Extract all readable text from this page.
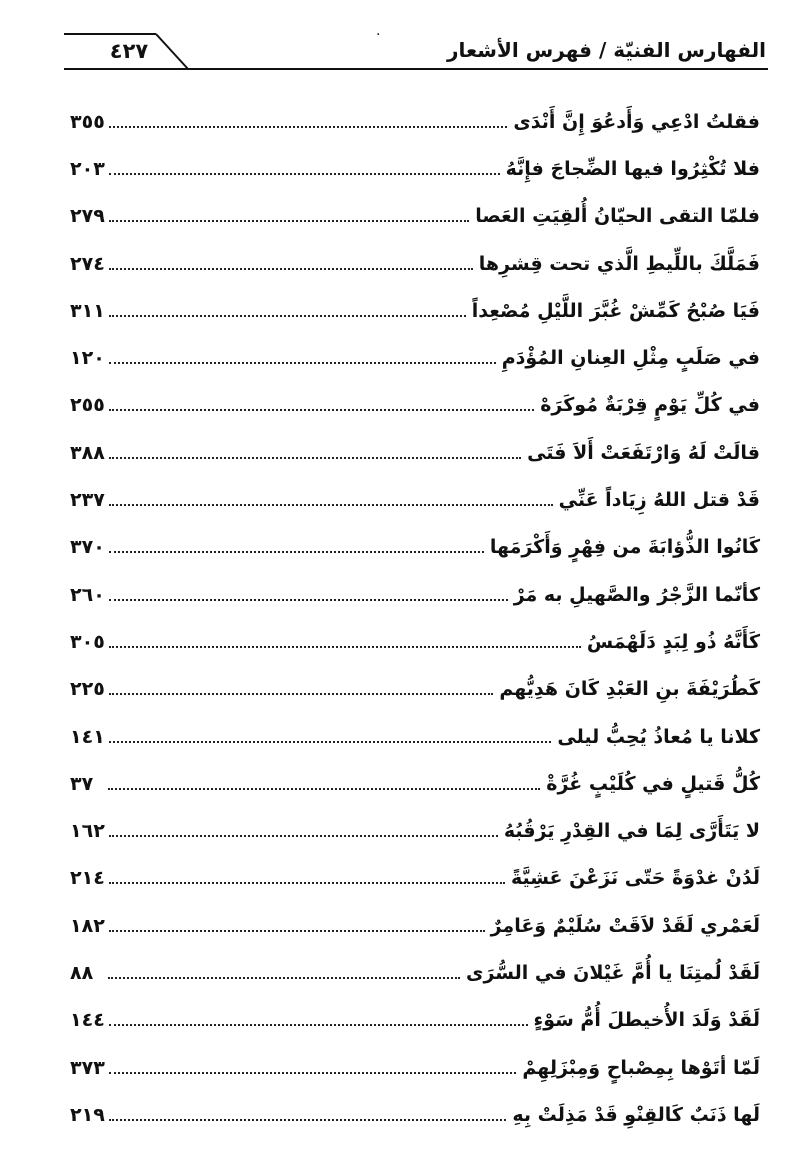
٤٢٧	الفهارس الفنيّة / فهرس الأشعار
·
فقلتُ ادْعِي وَأَدعُوَ إِنَّ أَنْدَى
٣٥٥
فلا تُكْثِرُوا فيها الضِّجاجَ فإِنَّهُ
٢٠٣
فلمّا التقى الحيّانُ أُلقِيَتِ العَصا
٢٧٩
فَمَلَّكَ باللِّيطِ الَّذي تحت قِشرِها
٢٧٤
فَيَا صُبْحُ كَمِّشْ غُبَّرَ اللَّيْلِ مُصْعِداً
٣١١
في صَلَبٍ مِثْلِ العِنانِ المُؤْدَمِ
١٢٠
في كُلِّ يَوْمٍ قِرْبَةٌ مُوكَرَهْ
٢٥٥
قالَتْ لَهُ وَارْتَفَعَتْ أَلاَ فَتَى
٣٨٨
قَدْ قتل اللهُ زِيَاداً عَنِّي
٢٣٧
كَانُوا الذُّؤابَةَ من فِهْرٍ وَأَكْرَمَها
٣٧٠
كأنّما الزَّجْرُ والصَّهيلِ به مَرْ
٢٦٠
كَأَنَّهُ ذُو لِبَدٍ دَلَهْمَسُ
٣٠٥
كَطُرَيْفَةَ بنِ العَبْدِ كَانَ هَدِيُّهم
٢٢٥
كلانا يا مُعاذُ يُحِبُّ ليلى
١٤١
كُلُّ قَتيلٍ في كُلَيْبٍ غُرَّةْ
٣٧
لا يَتَأَرَّى لِمَا في القِدْرِ يَرْقُبُهُ
١٦٢
لَدُنْ غدْوَةً حَتّى نَزَعْنَ عَشِيَّةً
٢١٤
لَعَمْري لَقَدْ لاَقَتْ سُلَيْمٌ وَعَامِرٌ
١٨٢
لَقَدْ لُمتِنَا يا أُمَّ غَيْلانَ في السُّرَى
٨٨
لَقَدْ وَلَدَ الأُخيطلَ أُمُّ سَوْءٍ
١٤٤
لَمّا أتَوْها بِمِصْباحٍ وَمِبْزَلِهِمْ
٣٧٣
لَها ذَنَبٌ كَالقِنْوِ قَدْ مَذِلَتْ بِهِ
٢١٩
